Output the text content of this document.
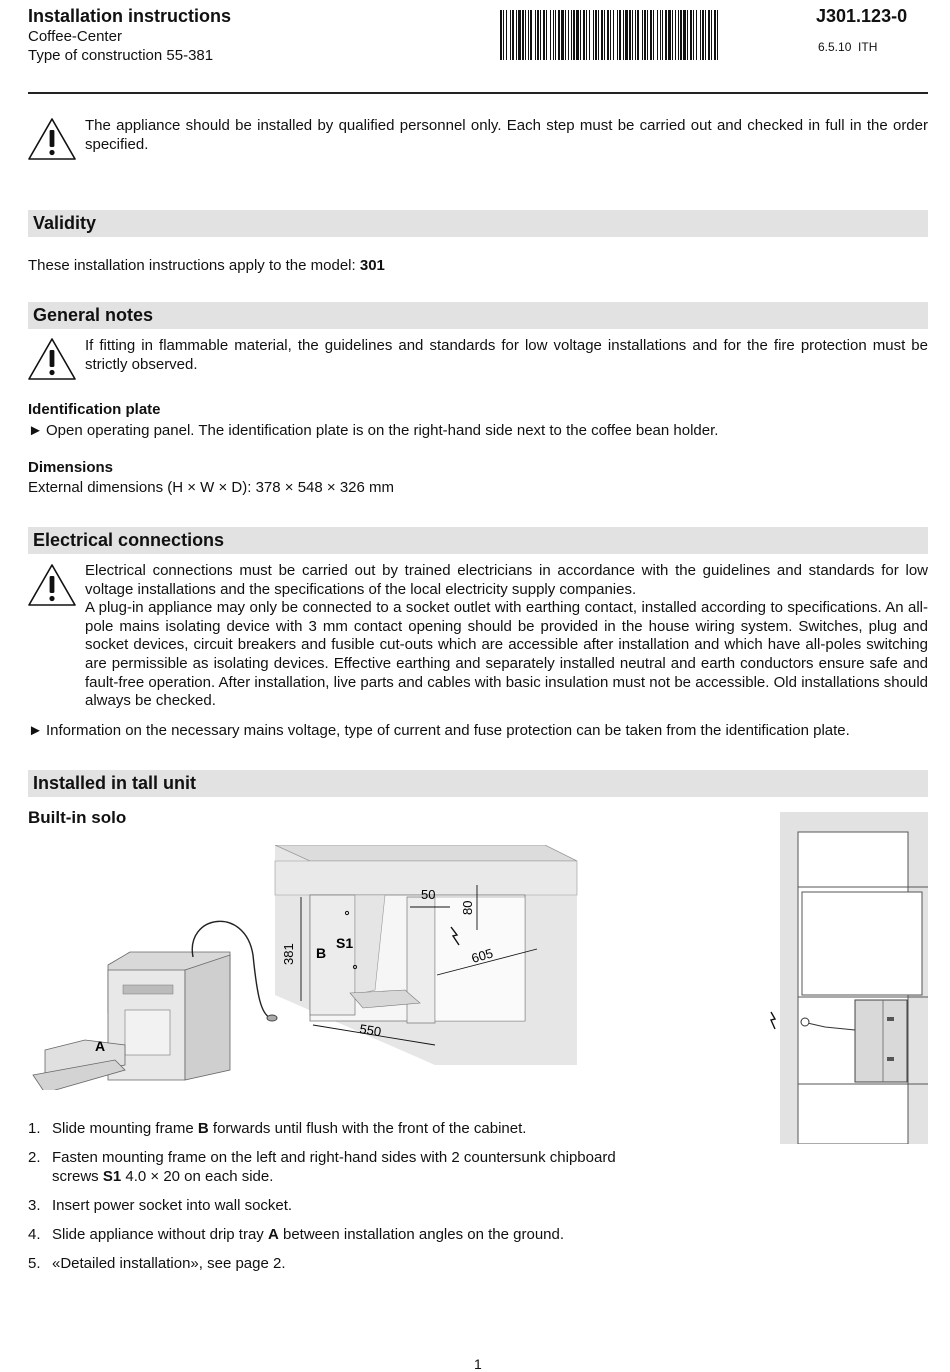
Installation instructions
Coffee-Center
Type of construction 55-381
J301.123-0
6.5.10 ITH
The appliance should be installed by qualified personnel only. Each step must be carried out and checked in full in the order specified.
Validity
These installation instructions apply to the model: 301
General notes
If fitting in flammable material, the guidelines and standards for low voltage installations and for the fire protection must be strictly observed.
Identification plate
► Open operating panel. The identification plate is on the right-hand side next to the coffee bean holder.
Dimensions
External dimensions (H × W × D): 378 × 548 × 326 mm
Electrical connections
Electrical connections must be carried out by trained electricians in accordance with the guidelines and standards for low voltage installations and the specifications of the local electricity supply companies.
A plug-in appliance may only be connected to a socket outlet with earthing contact, installed according to specifications. An all-pole mains isolating device with 3 mm contact opening should be provided in the house wiring system. Switches, plug and socket devices, circuit breakers and fusible cut-outs which are accessible after installation and which have all-poles switching are permissible as isolating devices. Effective earthing and separately installed neutral and earth conductors ensure safe and fault-free operation. After installation, live parts and cables with basic insulation must not be accessible. Old installations should always be checked.
► Information on the necessary mains voltage, type of current and fuse protection can be taken from the identification plate.
Installed in tall unit
Built-in solo
50
80
381	605
550
B
S1
A
1. Slide mounting frame B forwards until flush with the front of the cabinet.
2. Fasten mounting frame on the left and right-hand sides with 2 countersunk chipboard screws S1 4.0 × 20 on each side.
3. Insert power socket into wall socket.
4. Slide appliance without drip tray A between installation angles on the ground.
5. «Detailed installation», see page 2.
1
